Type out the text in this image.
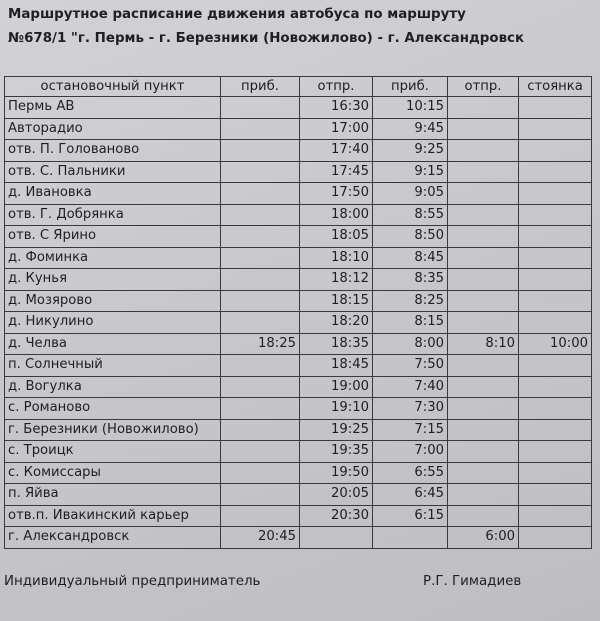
Маршрутное расписание движения автобуса по маршруту
№678/1 "г. Пермь - г. Березники (Новожилово) - г. Александровск
остановочный пункт	приб.	отпр.	приб.	отпр.	стоянка
Пермь АВ		16:30	10:15		
Авторадио		17:00	9:45		
отв. П. Голованово		17:40	9:25		
отв. С. Пальники		17:45	9:15		
д. Ивановка		17:50	9:05		
отв. Г. Добрянка		18:00	8:55		
отв. С Ярино		18:05	8:50		
д. Фоминка		18:10	8:45		
д. Кунья		18:12	8:35		
д. Мозярово		18:15	8:25		
д. Никулино		18:20	8:15		
д. Челва	18:25	18:35	8:00	8:10	10:00
п. Солнечный		18:45	7:50		
д. Вогулка		19:00	7:40		
с. Романово		19:10	7:30		
г. Березники (Новожилово)		19:25	7:15		
с. Троицк		19:35	7:00		
с. Комиссары		19:50	6:55		
п. Яйва		20:05	6:45		
отв.п. Ивакинский карьер		20:30	6:15		
г. Александровск	20:45			6:00	
Индивидуальный предприниматель	Р.Г. Гимадиев
